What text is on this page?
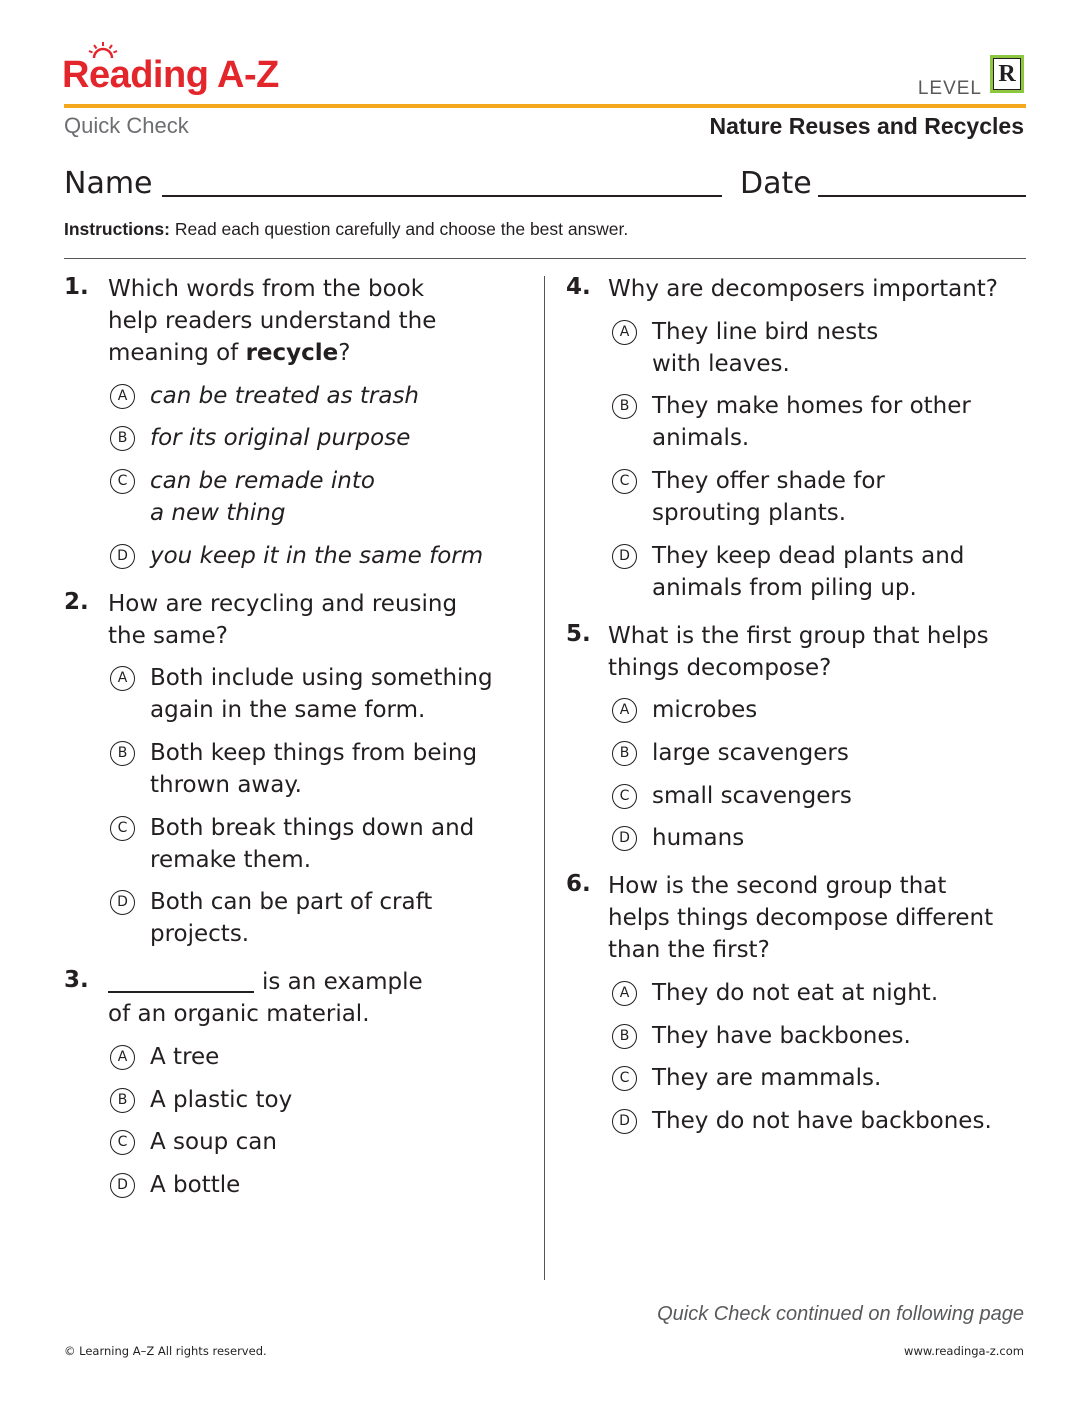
Reading A-Z	LEVEL
R
Quick Check	Nature Reuses and Recycles
Name	Date
Instructions: Read each question carefully and choose the best answer.
1. Which words from the book
help readers understand the
meaning of recycle?
A can be treated as trash
B for its original purpose
C can be remade into
a new thing
D you keep it in the same form
2. How are recycling and reusing
the same?
A Both include using something
again in the same form.
B Both keep things from being
thrown away.
C Both break things down and
remake them.
D Both can be part of craft
projects.
3.	is an example
of an organic material.
A A tree
B A plastic toy
C A soup can
D A bottle
4. Why are decomposers important?
A They line bird nests
with leaves.
B They make homes for other
animals.
C They offer shade for
sprouting plants.
D They keep dead plants and
animals from piling up.
5. What is the first group that helps
things decompose?
A microbes
B large scavengers
C small scavengers
D humans
6. How is the second group that
helps things decompose different
than the first?
A They do not eat at night.
B They have backbones.
C They are mammals.
D They do not have backbones.
Quick Check continued on following page
© Learning A–Z All rights reserved.	www.readinga-z.com
